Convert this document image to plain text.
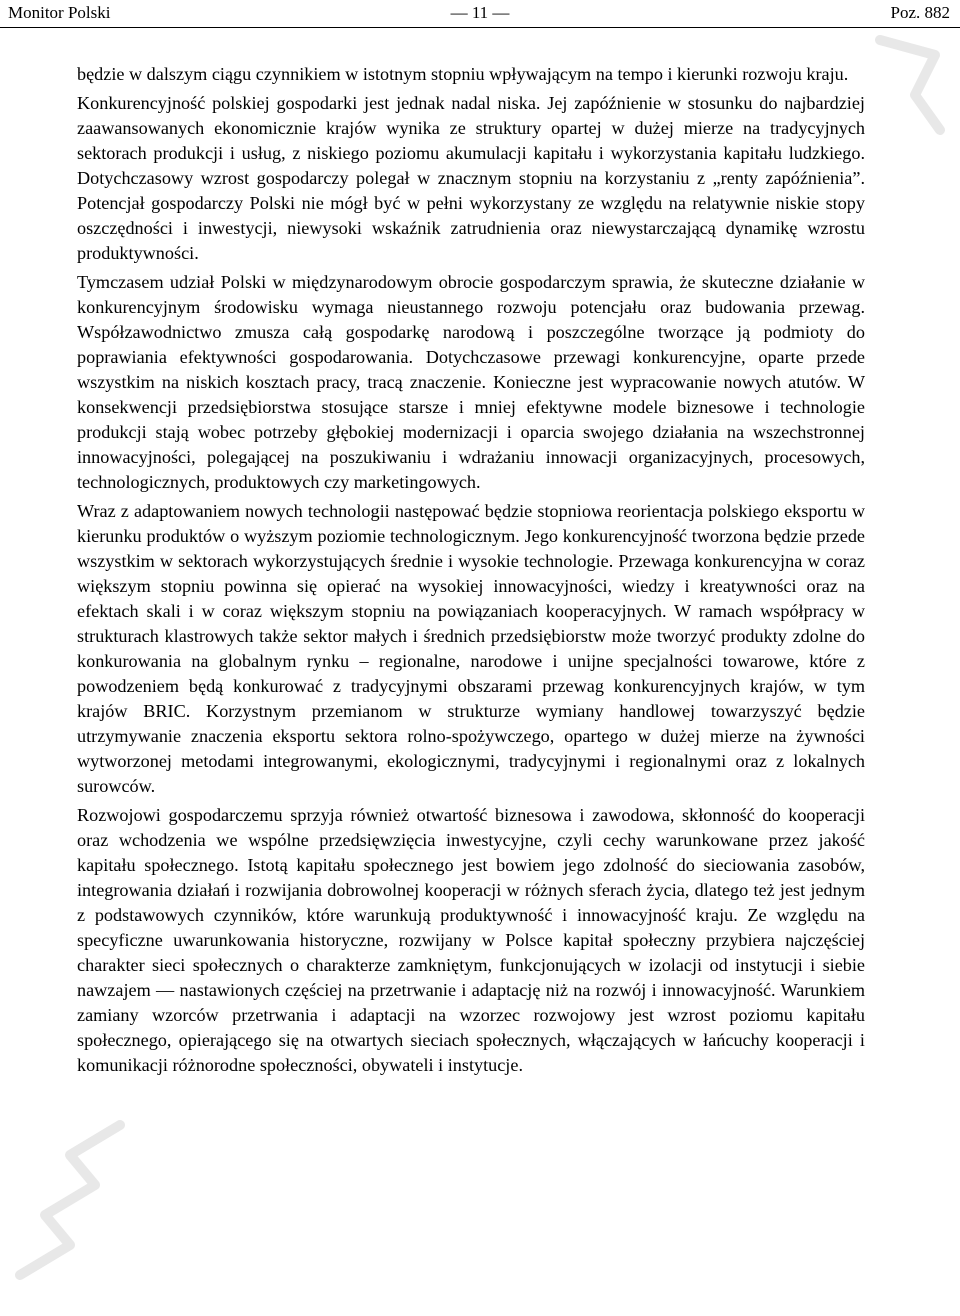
Monitor Polski	— 11 —	Poz. 882

będzie w dalszym ciągu czynnikiem w istotnym stopniu wpływającym na tempo i kierunki rozwoju kraju.

Konkurencyjność polskiej gospodarki jest jednak nadal niska. Jej zapóźnienie w stosunku do najbardziej zaawansowanych ekonomicznie krajów wynika ze struktury opartej w dużej mierze na tradycyjnych sektorach produkcji i usług, z niskiego poziomu akumulacji kapitału i wykorzystania kapitału ludzkiego. Dotychczasowy wzrost gospodarczy polegał w znacznym stopniu na korzystaniu z „renty zapóźnienia”. Potencjał gospodarczy Polski nie mógł być w pełni wykorzystany ze względu na relatywnie niskie stopy oszczędności i inwestycji, niewysoki wskaźnik zatrudnienia oraz niewystarczającą dynamikę wzrostu produktywności.

Tymczasem udział Polski w międzynarodowym obrocie gospodarczym sprawia, że skuteczne działanie w konkurencyjnym środowisku wymaga nieustannego rozwoju potencjału oraz budowania przewag. Współzawodnictwo zmusza całą gospodarkę narodową i poszczególne tworzące ją podmioty do poprawiania efektywności gospodarowania. Dotychczasowe przewagi konkurencyjne, oparte przede wszystkim na niskich kosztach pracy, tracą znaczenie. Konieczne jest wypracowanie nowych atutów. W konsekwencji przedsiębiorstwa stosujące starsze i mniej efektywne modele biznesowe i technologie produkcji stają wobec potrzeby głębokiej modernizacji i oparcia swojego działania na wszechstronnej innowacyjności, polegającej na poszukiwaniu i wdrażaniu innowacji organizacyjnych, procesowych, technologicznych, produktowych czy marketingowych.

Wraz z adaptowaniem nowych technologii następować będzie stopniowa reorientacja polskiego eksportu w kierunku produktów o wyższym poziomie technologicznym. Jego konkurencyjność tworzona będzie przede wszystkim w sektorach wykorzystujących średnie i wysokie technologie. Przewaga konkurencyjna w coraz większym stopniu powinna się opierać na wysokiej innowacyjności, wiedzy i kreatywności oraz na efektach skali i w coraz większym stopniu na powiązaniach kooperacyjnych. W ramach współpracy w strukturach klastrowych także sektor małych i średnich przedsiębiorstw może tworzyć produkty zdolne do konkurowania na globalnym rynku – regionalne, narodowe i unijne specjalności towarowe, które z powodzeniem będą konkurować z tradycyjnymi obszarami przewag konkurencyjnych krajów, w tym krajów BRIC. Korzystnym przemianom w strukturze wymiany handlowej towarzyszyć będzie utrzymywanie znaczenia eksportu sektora rolno-spożywczego, opartego w dużej mierze na żywności wytworzonej metodami integrowanymi, ekologicznymi, tradycyjnymi i regionalnymi oraz z lokalnych surowców.

Rozwojowi gospodarczemu sprzyja również otwartość biznesowa i zawodowa, skłonność do kooperacji oraz wchodzenia we wspólne przedsięwzięcia inwestycyjne, czyli cechy warunkowane przez jakość kapitału społecznego. Istotą kapitału społecznego jest bowiem jego zdolność do sieciowania zasobów, integrowania działań i rozwijania dobrowolnej kooperacji w różnych sferach życia, dlatego też jest jednym z podstawowych czynników, które warunkują produktywność i innowacyjność kraju. Ze względu na specyficzne uwarunkowania historyczne, rozwijany w Polsce kapitał społeczny przybiera najczęściej charakter sieci społecznych o charakterze zamkniętym, funkcjonujących w izolacji od instytucji i siebie nawzajem — nastawionych częściej na przetrwanie i adaptację niż na rozwój i innowacyjność. Warunkiem zamiany wzorców przetrwania i adaptacji na wzorzec rozwojowy jest wzrost poziomu kapitału społecznego, opierającego się na otwartych sieciach społecznych, włączających w łańcuchy kooperacji i komunikacji różnorodne społeczności, obywateli i instytucje.
